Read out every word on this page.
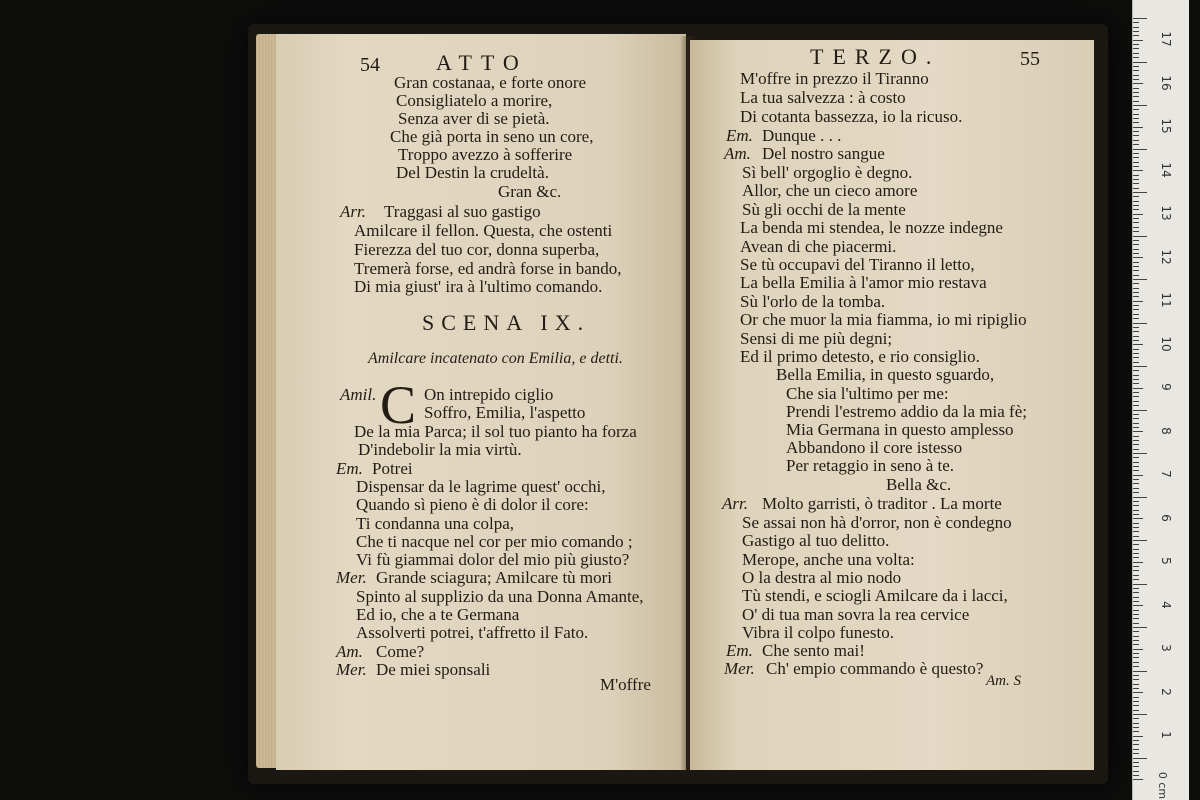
54	ATTO
Gran costanaa, e forte onore
Consigliatelo a morire,
Senza aver di se pietà.
Che già porta in seno un core,
Troppo avezzo à sofferire
Del Destin la crudeltà.
Gran &c.
Arr. Traggasi al suo gastigo
Amilcare il fellon. Questa, che ostenti
Fierezza del tuo cor, donna superba,
Tremerà forse, ed andrà forse in bando,
Di mia giust' ira à l'ultimo comando.
SCENA IX.
Amilcare incatenato con Emilia, e detti.
Amil. C On intrepido ciglio
Soffro, Emilia, l'aspetto
De la mia Parca; il sol tuo pianto ha forza
D'indebolir la mia virtù.
Em. Potrei
Dispensar da le lagrime quest' occhi,
Quando sì pieno è di dolor il core:
Ti condanna una colpa,
Che ti nacque nel cor per mio comando ;
Vi fù giammai dolor del mio più giusto?
Mer. Grande sciagura; Amilcare tù mori
Spinto al supplizio da una Donna Amante,
Ed io, che a te Germana
Assolverti potrei, t'affretto il Fato.
Am. Come?
Mer. De miei sponsali
M'offre
TERZO.	55
M'offre in prezzo il Tiranno
La tua salvezza : à costo
Di cotanta bassezza, io la ricuso.
Em. Dunque . . .
Am. Del nostro sangue
Sì bell' orgoglio è degno.
Allor, che un cieco amore
Sù gli occhi de la mente
La benda mi stendea, le nozze indegne
Avean di che piacermi.
Se tù occupavi del Tiranno il letto,
La bella Emilia à l'amor mio restava
Sù l'orlo de la tomba.
Or che muor la mia fiamma, io mi ripiglio
Sensi di me più degni;
Ed il primo detesto, e rio consiglio.
Bella Emilia, in questo sguardo,
Che sia l'ultimo per me:
Prendi l'estremo addio da la mia fè;
Mia Germana in questo amplesso
Abbandono il core istesso
Per retaggio in seno à te.
Bella &c.
Arr. Molto garristi, ò traditor . La morte
Se assai non hà d'orror, non è condegno
Gastigo al tuo delitto.
Merope, anche una volta:
O la destra al mio nodo
Tù stendi, e sciogli Amilcare da i lacci,
O' di tua man sovra la rea cervice
Vibra il colpo funesto.
Em. Che sento mai!
Mer. Ch' empio commando è questo?
Am. S
17
16
15
14
13
12
11
10
9
8
7
6
5
4
3
2
1
0 cm
